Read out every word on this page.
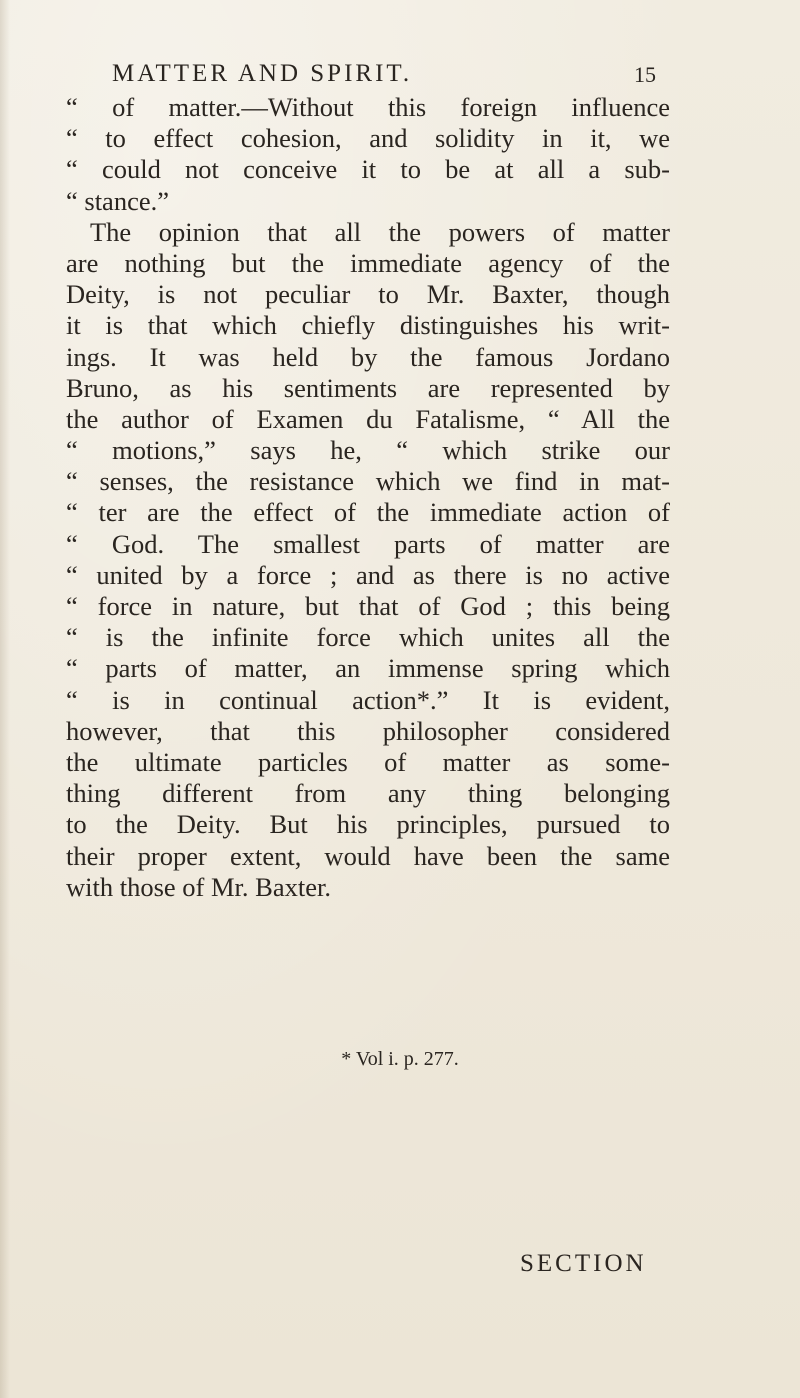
MATTER AND SPIRIT.	15
“ of matter.—Without this foreign influence
“ to effect cohesion, and solidity in it, we
“ could not conceive it to be at all a sub-
“ stance.”
The opinion that all the powers of matter
are nothing but the immediate agency of the
Deity, is not peculiar to Mr. Baxter, though
it is that which chiefly distinguishes his writ-
ings. It was held by the famous Jordano
Bruno, as his sentiments are represented by
the author of Examen du Fatalisme, “ All the
“ motions,” says he, “ which strike our
“ senses, the resistance which we find in mat-
“ ter are the effect of the immediate action of
“ God. The smallest parts of matter are
“ united by a force ; and as there is no active
“ force in nature, but that of God ; this being
“ is the infinite force which unites all the
“ parts of matter, an immense spring which
“ is in continual action*.” It is evident,
however, that this philosopher considered
the ultimate particles of matter as some-
thing different from any thing belonging
to the Deity. But his principles, pursued to
their proper extent, would have been the same
with those of Mr. Baxter.
* Vol i. p. 277.
SECTION
